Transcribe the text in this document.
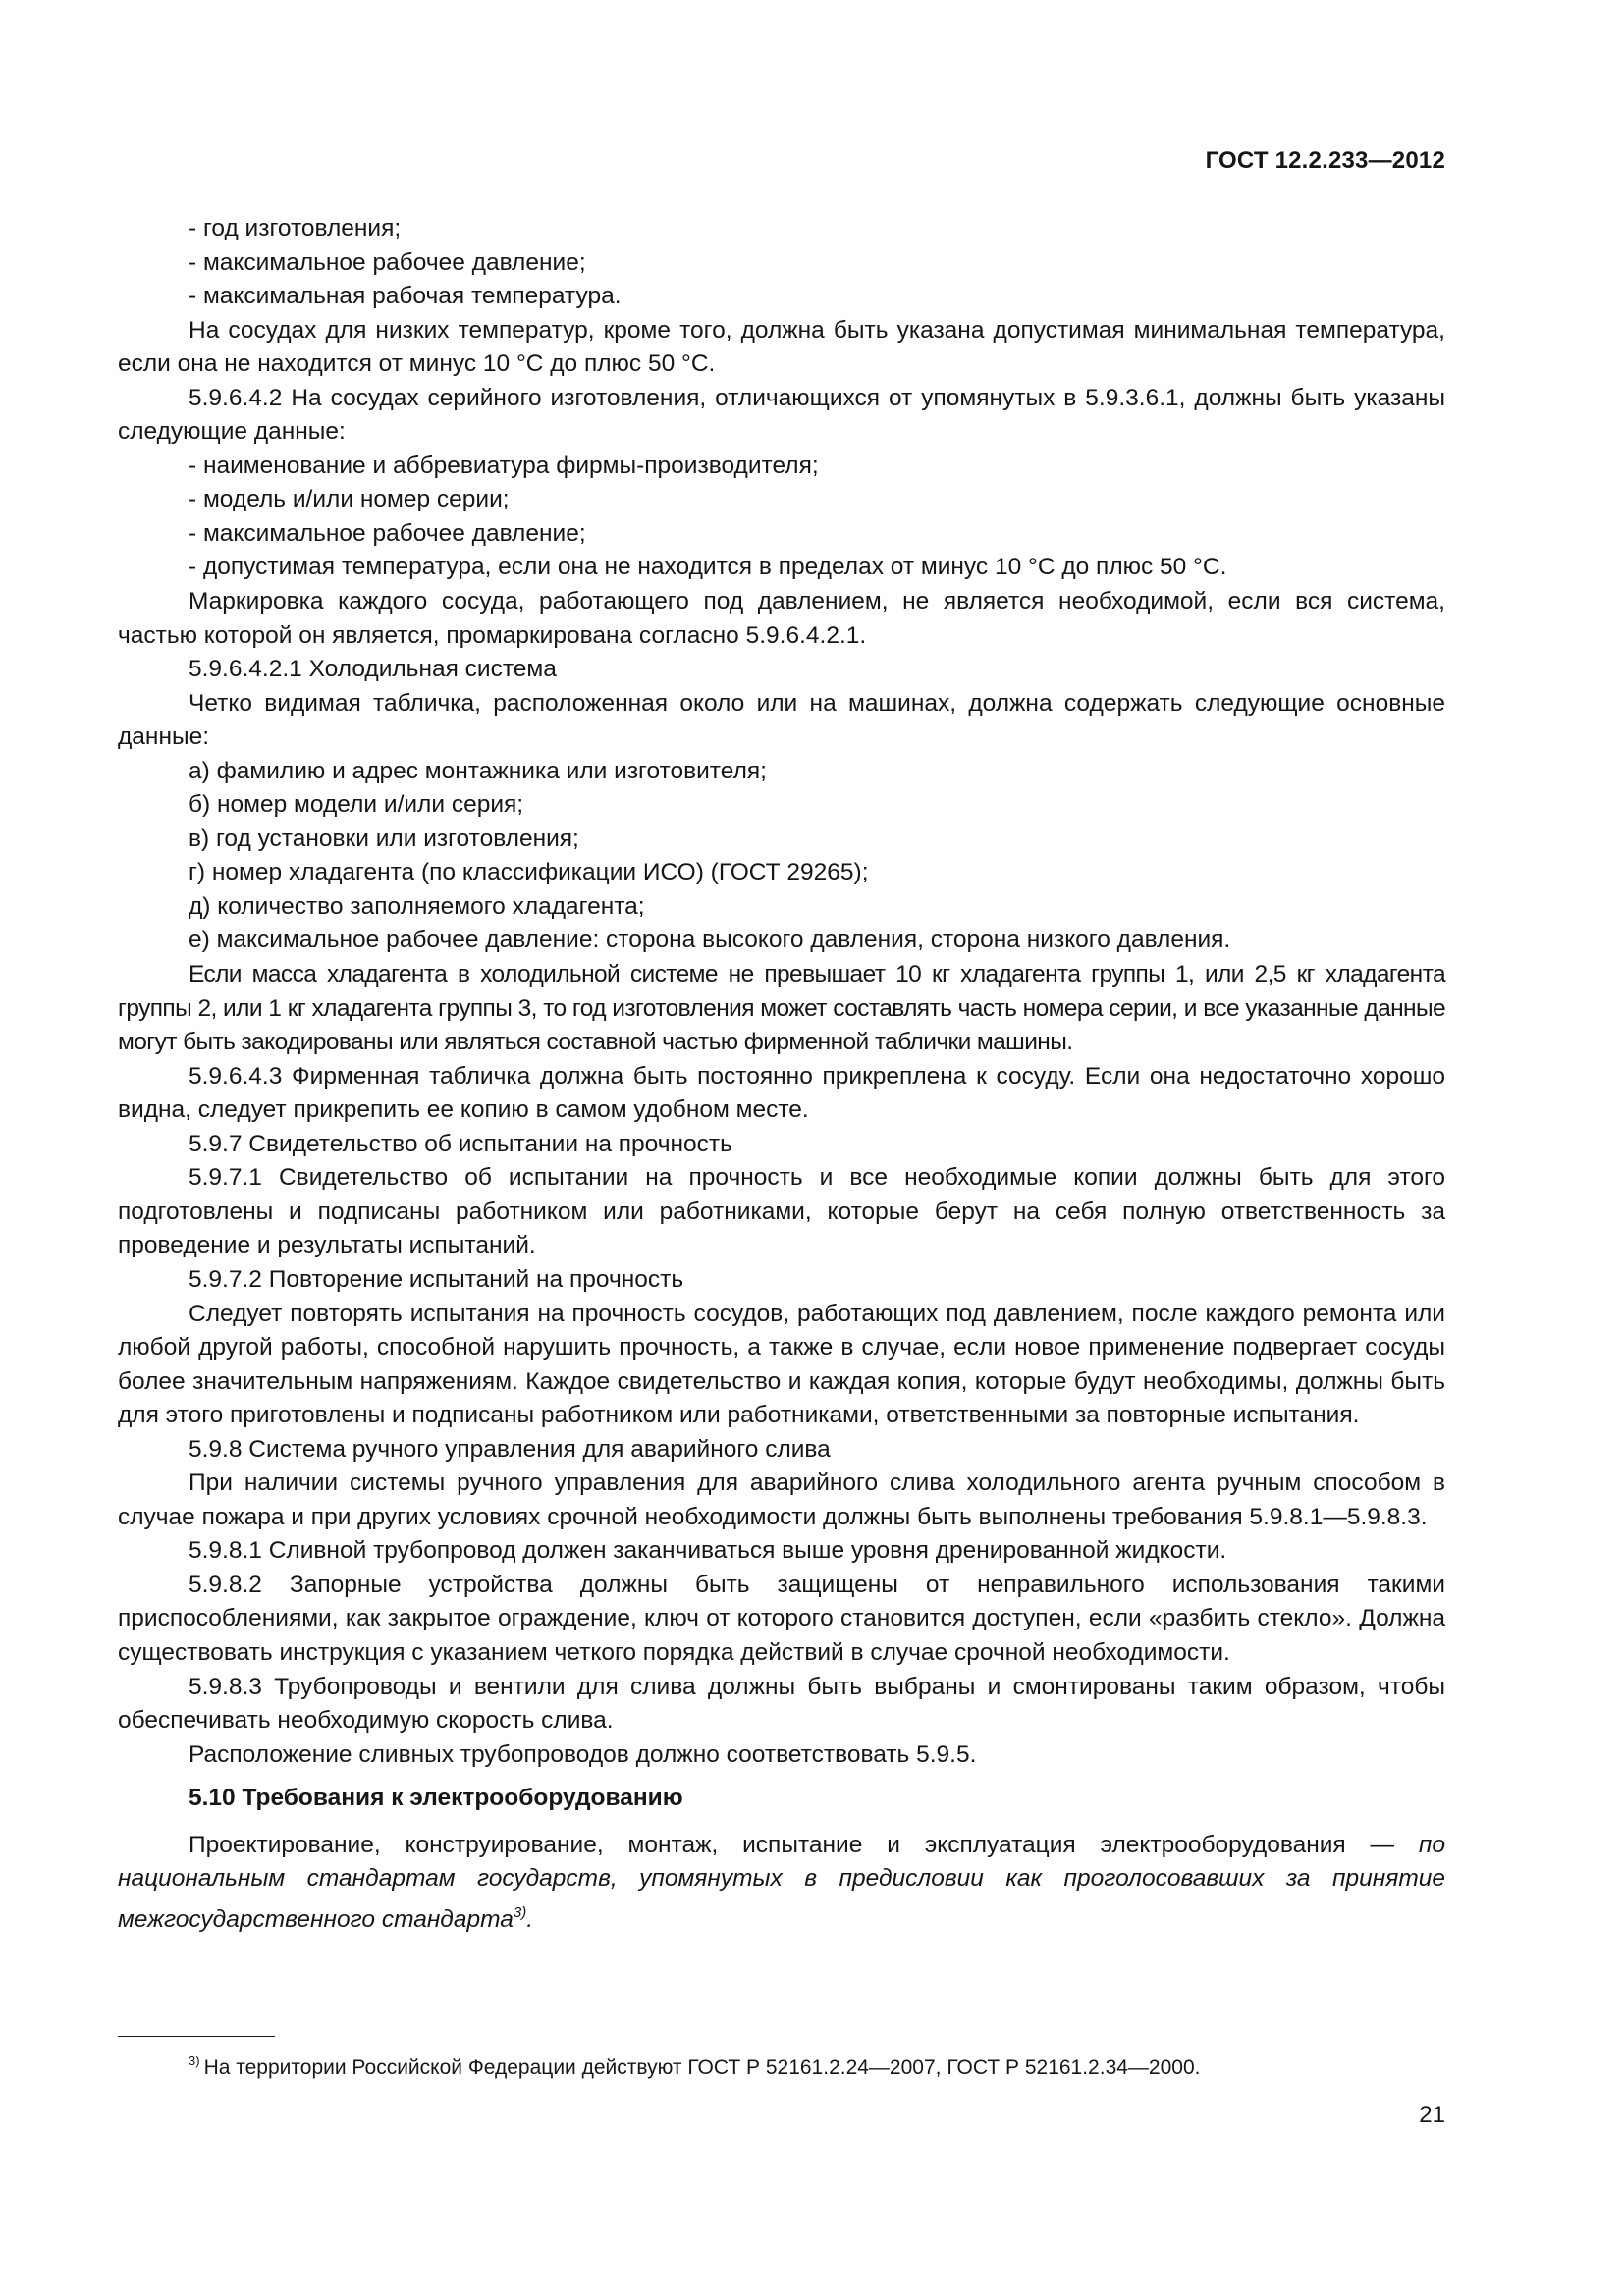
ГОСТ 12.2.233—2012

- год изготовления;

- максимальное рабочее давление;

- максимальная рабочая температура.

На сосудах для низких температур, кроме того, должна быть указана допустимая минимальная температура, если она не находится от минус 10 °С до плюс 50 °С.

5.9.6.4.2 На сосудах серийного изготовления, отличающихся от упомянутых в 5.9.3.6.1, должны быть указаны следующие данные:

- наименование и аббревиатура фирмы-производителя;

- модель и/или номер серии;

- максимальное рабочее давление;

- допустимая температура, если она не находится в пределах от минус 10 °С до плюс 50 °С.

Маркировка каждого сосуда, работающего под давлением, не является необходимой, если вся система, частью которой он является, промаркирована согласно 5.9.6.4.2.1.

5.9.6.4.2.1 Холодильная система

Четко видимая табличка, расположенная около или на машинах, должна содержать следующие основные данные:

а) фамилию и адрес монтажника или изготовителя;

б) номер модели и/или серия;

в) год установки или изготовления;

г) номер хладагента (по классификации ИСО) (ГОСТ 29265);

д) количество заполняемого хладагента;

е) максимальное рабочее давление: сторона высокого давления, сторона низкого давления.

Если масса хладагента в холодильной системе не превышает 10 кг хладагента группы 1, или 2,5 кг хладагента группы 2, или 1 кг хладагента группы 3, то год изготовления может составлять часть номера серии, и все указанные данные могут быть закодированы или являться составной частью фирменной таблички машины.

5.9.6.4.3 Фирменная табличка должна быть постоянно прикреплена к сосуду. Если она недостаточно хорошо видна, следует прикрепить ее копию в самом удобном месте.

5.9.7 Свидетельство об испытании на прочность

5.9.7.1 Свидетельство об испытании на прочность и все необходимые копии должны быть для этого подготовлены и подписаны работником или работниками, которые берут на себя полную ответственность за проведение и результаты испытаний.

5.9.7.2 Повторение испытаний на прочность

Следует повторять испытания на прочность сосудов, работающих под давлением, после каждого ремонта или любой другой работы, способной нарушить прочность, а также в случае, если новое применение подвергает сосуды более значительным напряжениям. Каждое свидетельство и каждая копия, которые будут необходимы, должны быть для этого приготовлены и подписаны работником или работниками, ответственными за повторные испытания.

5.9.8 Система ручного управления для аварийного слива

При наличии системы ручного управления для аварийного слива холодильного агента ручным способом в случае пожара и при других условиях срочной необходимости должны быть выполнены требования 5.9.8.1—5.9.8.3.

5.9.8.1 Сливной трубопровод должен заканчиваться выше уровня дренированной жидкости.

5.9.8.2 Запорные устройства должны быть защищены от неправильного использования такими приспособлениями, как закрытое ограждение, ключ от которого становится доступен, если «разбить стекло». Должна существовать инструкция с указанием четкого порядка действий в случае срочной необходимости.

5.9.8.3 Трубопроводы и вентили для слива должны быть выбраны и смонтированы таким образом, чтобы обеспечивать необходимую скорость слива.

Расположение сливных трубопроводов должно соответствовать 5.9.5.

5.10 Требования к электрооборудованию

Проектирование, конструирование, монтаж, испытание и эксплуатация электрооборудования — по национальным стандартам государств, упомянутых в предисловии как проголосовавших за принятие межгосударственного стандарта$^{3)}$.

$^{3)}$ На территории Российской Федерации действуют ГОСТ Р 52161.2.24—2007, ГОСТ Р 52161.2.34—2000.
21
